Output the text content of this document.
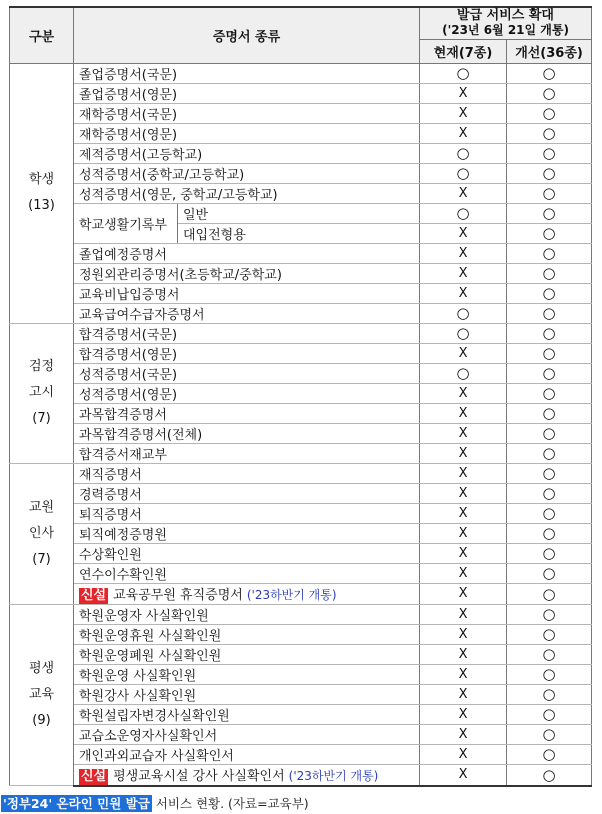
구분	증명서 종류		발급 서비스 확대
('23년 6월 21일 개통)	

			현재(7종)	개선(36종)

학생
(13)	졸업증명서(국문)		○	○
	졸업증명서(영문)		X	○
	재학증명서(국문)		X	○
	재학증명서(영문)		X	○
	제적증명서(고등학교)		○	○
	성적증명서(중학교/고등학교)		○	○
	성적증명서(영문, 중학교/고등학교)		X	○
	학교생활기록부	일반	○	○
		대입전형용	X	○
	졸업예정증명서		X	○
	정원외관리증명서(초등학교/중학교)		X	○
	교육비납입증명서		X	○
	교육급여수급자증명서		○	○

검정
고시
(7)	합격증명서(국문)		○	○
	합격증명서(영문)		X	○
	성적증명서(국문)		○	○
	성적증명서(영문)		X	○
	과목합격증명서		X	○
	과목합격증명서(전체)		X	○
	합격증서재교부		X	○

교원
인사
(7)	재직증명서		X	○
	경력증명서		X	○
	퇴직증명서		X	○
	퇴직예정증명원		X	○
	수상확인원		X	○
	연수이수확인원		X	○
	신설 교육공무원 휴직증명서 ('23하반기 개통)		X	○

평생
교육
(9)	학원운영자 사실확인원		X	○
	학원운영휴원 사실확인원		X	○
	학원운영폐원 사실확인원		X	○
	학원운영 사실확인원		X	○
	학원강사 사실확인원		X	○
	학원설립자변경사실확인원		X	○
	교습소운영자사실확인서		X	○
	개인과외교습자 사실확인서		X	○
	신설 평생교육시설 강사 사실확인서 ('23하반기 개통)		X	○
'정부24' 온라인 민원 발급 서비스 현황. (자료=교육부)
